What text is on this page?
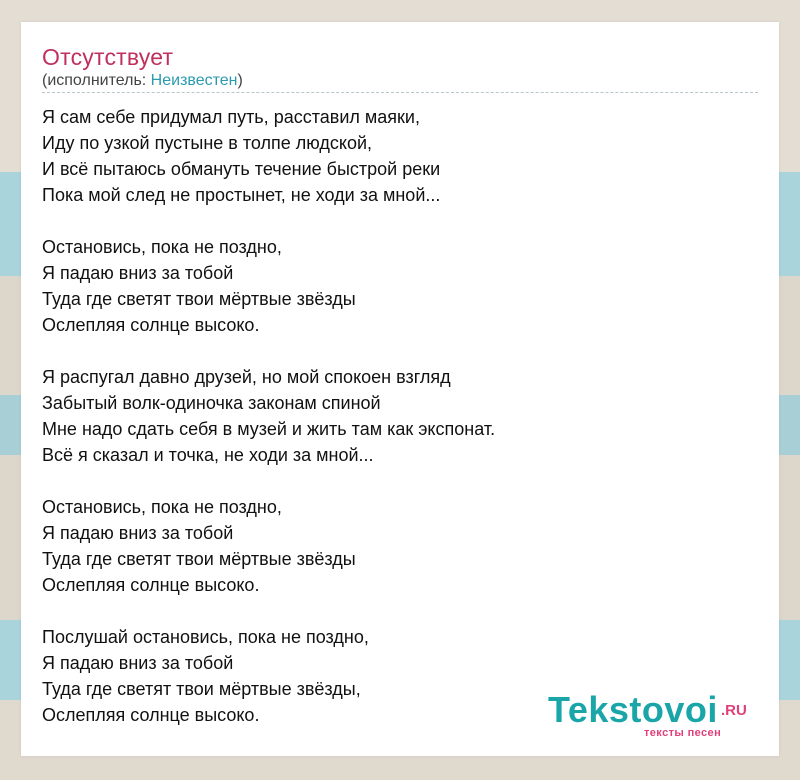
Отсутствует
(исполнитель: Неизвестен)
Я сам себе придумал путь, расставил маяки,
Иду по узкой пустыне в толпе людской,
И всё пытаюсь обмануть течение быстрой реки
Пока мой след не простынет, не ходи за мной...
Остановись, пока не поздно,
Я падаю вниз за тобой
Туда где светят твои мёртвые звёзды
Ослепляя солнце высоко.
Я распугал давно друзей, но мой спокоен взгляд
Забытый волк-одиночка законам спиной
Мне надо сдать себя в музей и жить там как экспонат.
Всё я сказал и точка, не ходи за мной...
Остановись, пока не поздно,
Я падаю вниз за тобой
Туда где светят твои мёртвые звёзды
Ослепляя солнце высоко.
Послушай остановись, пока не поздно,
Я падаю вниз за тобой
Туда где светят твои мёртвые звёзды,
Ослепляя солнце высоко.	Tekstovoi .RU
тексты песен
